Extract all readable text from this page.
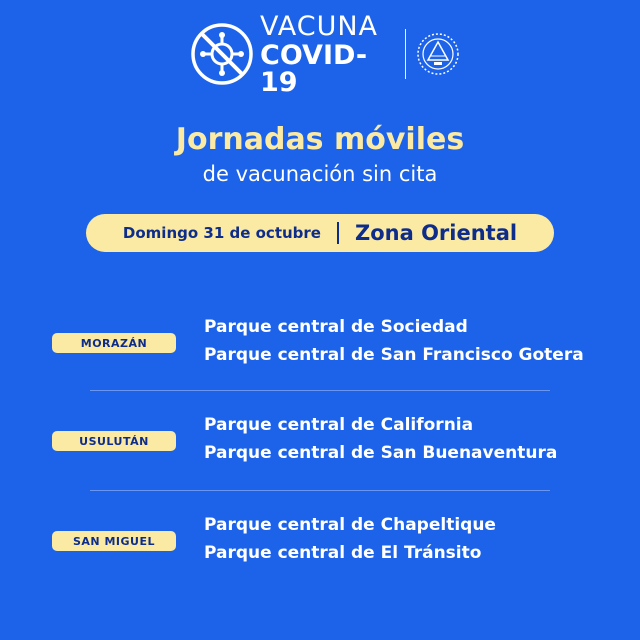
VACUNA
COVID-19
Jornadas móviles
de vacunación sin cita
Domingo 31 de octubre Zona Oriental
MORAZÁN
Parque central de Sociedad
Parque central de San Francisco Gotera
USULUTÁN
Parque central de California
Parque central de San Buenaventura
SAN MIGUEL
Parque central de Chapeltique
Parque central de El Tránsito
